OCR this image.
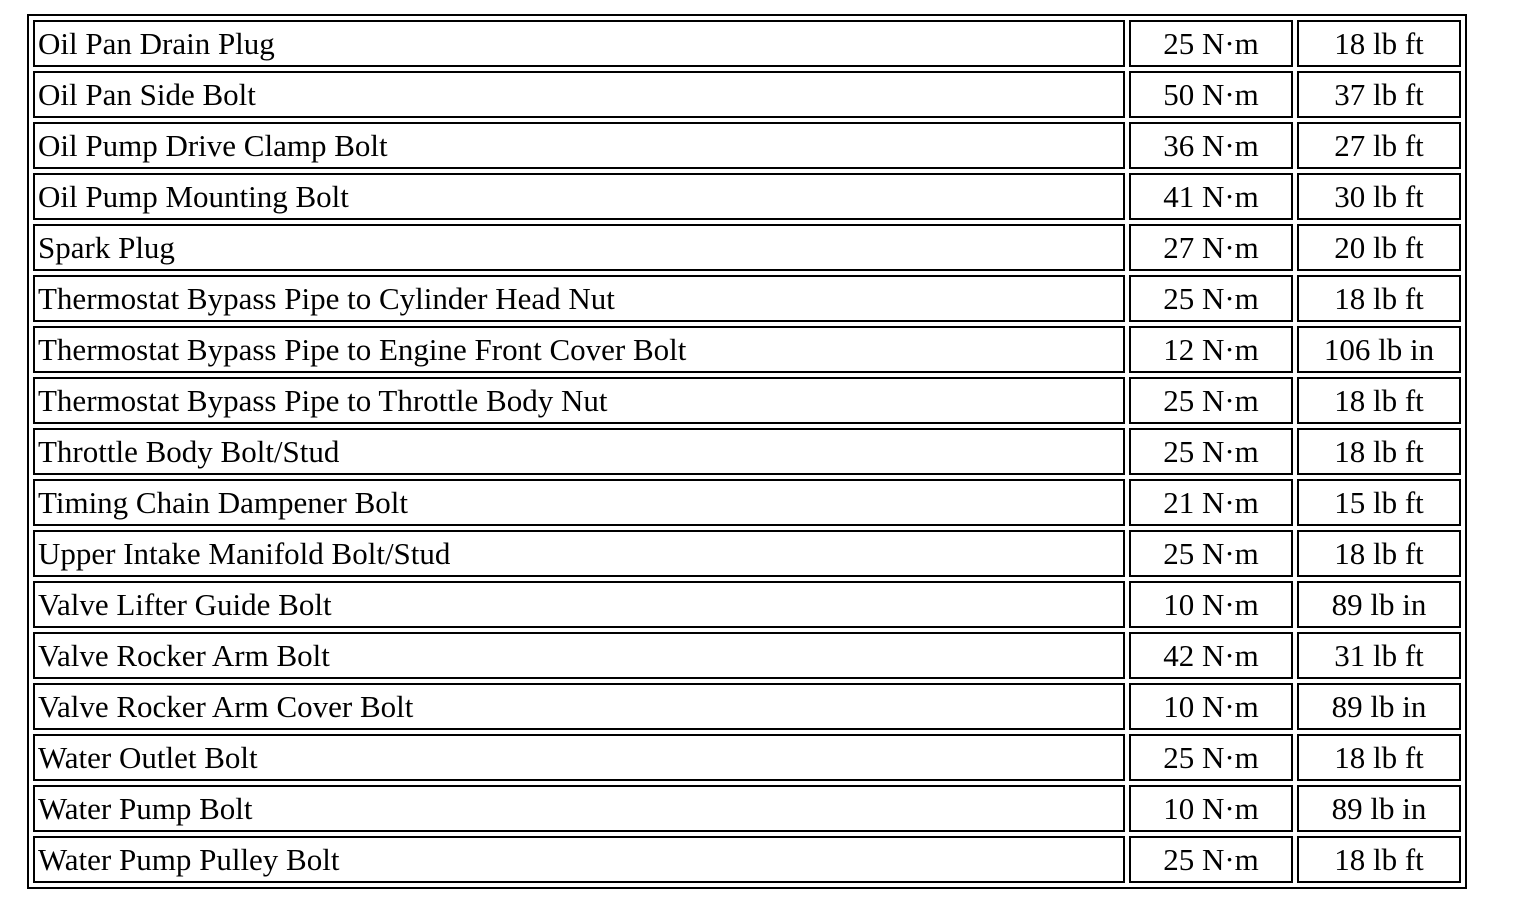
Oil Pan Drain Plug	25 N·m	18 lb ft
Oil Pan Side Bolt	50 N·m	37 lb ft
Oil Pump Drive Clamp Bolt	36 N·m	27 lb ft
Oil Pump Mounting Bolt	41 N·m	30 lb ft
Spark Plug	27 N·m	20 lb ft
Thermostat Bypass Pipe to Cylinder Head Nut	25 N·m	18 lb ft
Thermostat Bypass Pipe to Engine Front Cover Bolt	12 N·m	106 lb in
Thermostat Bypass Pipe to Throttle Body Nut	25 N·m	18 lb ft
Throttle Body Bolt/Stud	25 N·m	18 lb ft
Timing Chain Dampener Bolt	21 N·m	15 lb ft
Upper Intake Manifold Bolt/Stud	25 N·m	18 lb ft
Valve Lifter Guide Bolt	10 N·m	89 lb in
Valve Rocker Arm Bolt	42 N·m	31 lb ft
Valve Rocker Arm Cover Bolt	10 N·m	89 lb in
Water Outlet Bolt	25 N·m	18 lb ft
Water Pump Bolt	10 N·m	89 lb in
Water Pump Pulley Bolt	25 N·m	18 lb ft
